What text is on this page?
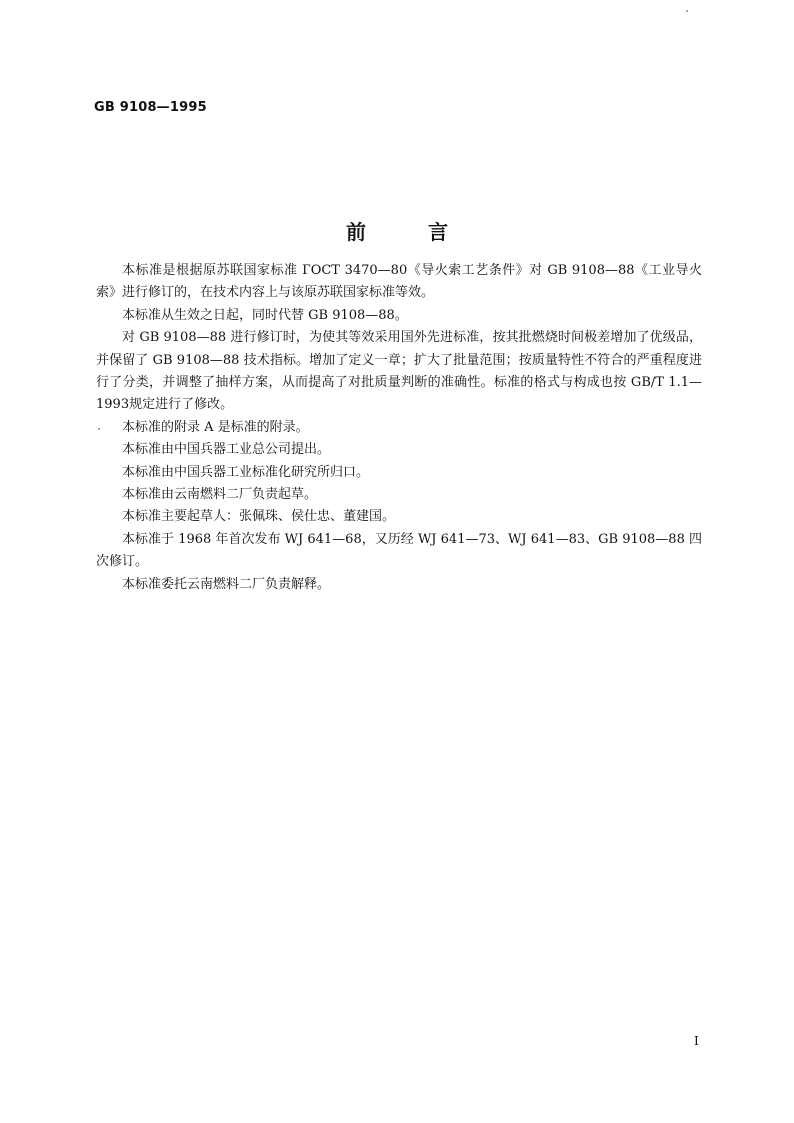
GB 9108—1995
前言

本标准是根据原苏联国家标准 ГОСТ 3470—80《导火索工艺条件》对 GB 9108—88《工业导火索》进行修订的，在技术内容上与该原苏联国家标准等效。

本标准从生效之日起，同时代替 GB 9108—88。

对 GB 9108—88 进行修订时，为使其等效采用国外先进标准，按其批燃烧时间极差增加了优级品，并保留了 GB 9108—88 技术指标。增加了定义一章；扩大了批量范围；按质量特性不符合的严重程度进行了分类，并调整了抽样方案，从而提高了对批质量判断的准确性。标准的格式与构成也按 GB/T 1.1—1993规定进行了修改。

本标准的附录 A 是标准的附录。

本标准由中国兵器工业总公司提出。

本标准由中国兵器工业标准化研究所归口。

本标准由云南燃料二厂负责起草。

本标准主要起草人：张佩珠、侯仕忠、董建国。

本标准于 1968 年首次发布 WJ 641—68，又历经 WJ 641—73、WJ 641—83、GB 9108—88 四次修订。

本标准委托云南燃料二厂负责解释。

I
